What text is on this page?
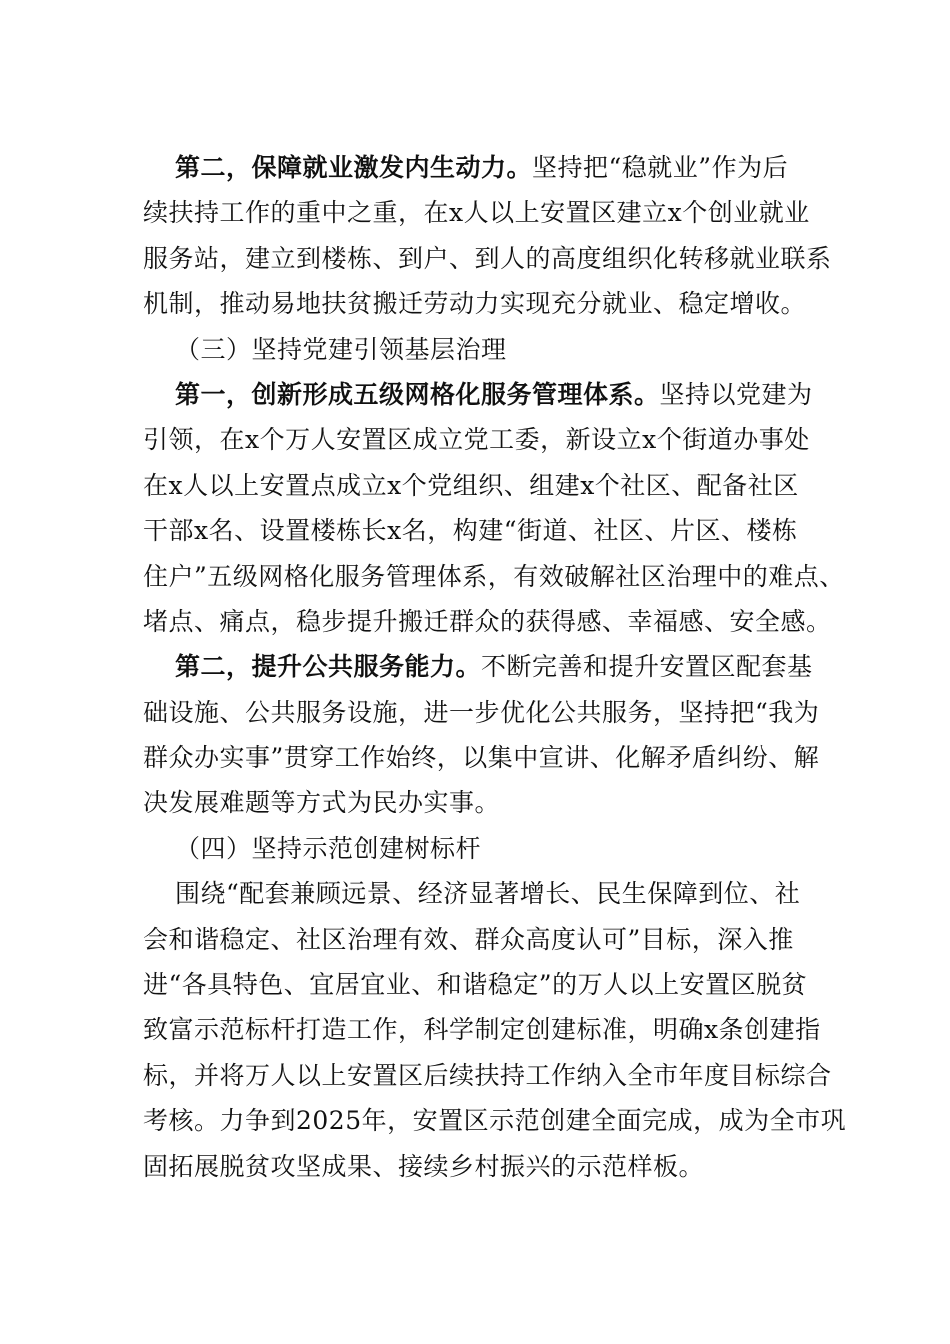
第二，保障就业激发内生动力。坚持把“稳就业”作为后
续扶持工作的重中之重，在x人以上安置区建立x个创业就业
服务站，建立到楼栋、到户、到人的高度组织化转移就业联系
机制，推动易地扶贫搬迁劳动力实现充分就业、稳定增收。
（三）坚持党建引领基层治理
第一，创新形成五级网格化服务管理体系。坚持以党建为
引领，在x个万人安置区成立党工委，新设立x个街道办事处
在x人以上安置点成立x个党组织、组建x个社区、配备社区
干部x名、设置楼栋长x名，构建“街道、社区、片区、楼栋
住户”五级网格化服务管理体系，有效破解社区治理中的难点、
堵点、痛点，稳步提升搬迁群众的获得感、幸福感、安全感。
第二，提升公共服务能力。不断完善和提升安置区配套基
础设施、公共服务设施，进一步优化公共服务，坚持把“我为
群众办实事”贯穿工作始终，以集中宣讲、化解矛盾纠纷、解
决发展难题等方式为民办实事。
（四）坚持示范创建树标杆
围绕“配套兼顾远景、经济显著增长、民生保障到位、社
会和谐稳定、社区治理有效、群众高度认可”目标，深入推
进“各具特色、宜居宜业、和谐稳定”的万人以上安置区脱贫
致富示范标杆打造工作，科学制定创建标准，明确x条创建指
标，并将万人以上安置区后续扶持工作纳入全市年度目标综合
考核。力争到2025年，安置区示范创建全面完成，成为全市巩
固拓展脱贫攻坚成果、接续乡村振兴的示范样板。
